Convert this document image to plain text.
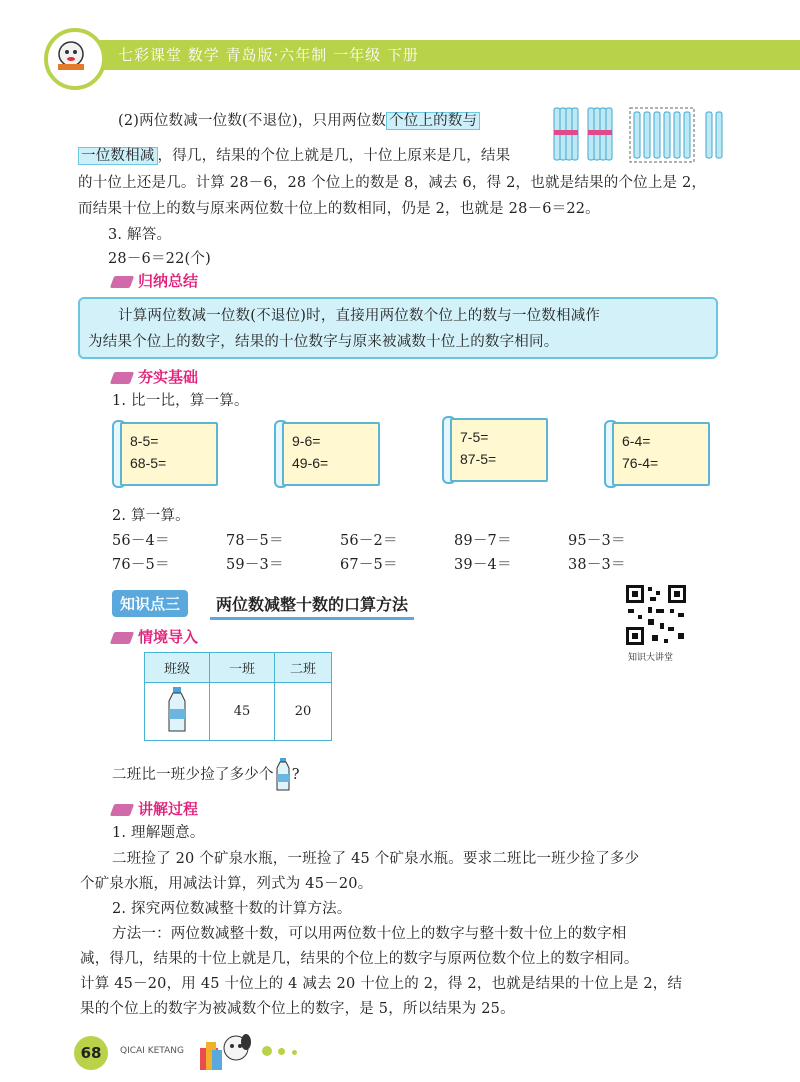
七彩课堂 数学 青岛版·六年制 一年级 下册
(2)两位数减一位数(不退位)，只用两位数 个位上的数与
一位数相减 ，得几，结果的个位上就是几，十位上原来是几，结果
的十位上还是几。计算 28－6，28 个位上的数是 8，减去 6，得 2，也就是结果的个位上是 2，
而结果十位上的数与原来两位数十位上的数相同，仍是 2，也就是 28－6＝22。
3. 解答。
28－6＝22(个)
归纳总结
计算两位数减一位数(不退位)时，直接用两位数个位上的数与一位数相减作
为结果个位上的数字，结果的十位数字与原来被减数十位上的数字相同。
夯实基础
1. 比一比，算一算。
8-5=
68-5=
9-6=
49-6=
7-5=
87-5=
6-4=
76-4=
2. 算一算。
56－4＝	78－5＝	56－2＝	89－7＝	95－3＝
76－5＝	59－3＝	67－5＝	39－4＝	38－3＝
知识点三	两位数减整十数的口算方法
知识大讲堂
情境导入
班级	一班	二班
	45	20
二班比一班少捡了多少个 ?
讲解过程
1. 理解题意。
二班捡了 20 个矿泉水瓶，一班捡了 45 个矿泉水瓶。要求二班比一班少捡了多少
个矿泉水瓶，用减法计算，列式为 45－20。
2. 探究两位数减整十数的计算方法。
方法一：两位数减整十数，可以用两位数十位上的数字与整十数十位上的数字相
减，得几，结果的十位上就是几，结果的个位上的数字与原两位数个位上的数字相同。
计算 45－20，用 45 十位上的 4 减去 20 十位上的 2，得 2，也就是结果的十位上是 2，结
果的个位上的数字为被减数个位上的数字，是 5，所以结果为 25。
68	QICAI KETANG
